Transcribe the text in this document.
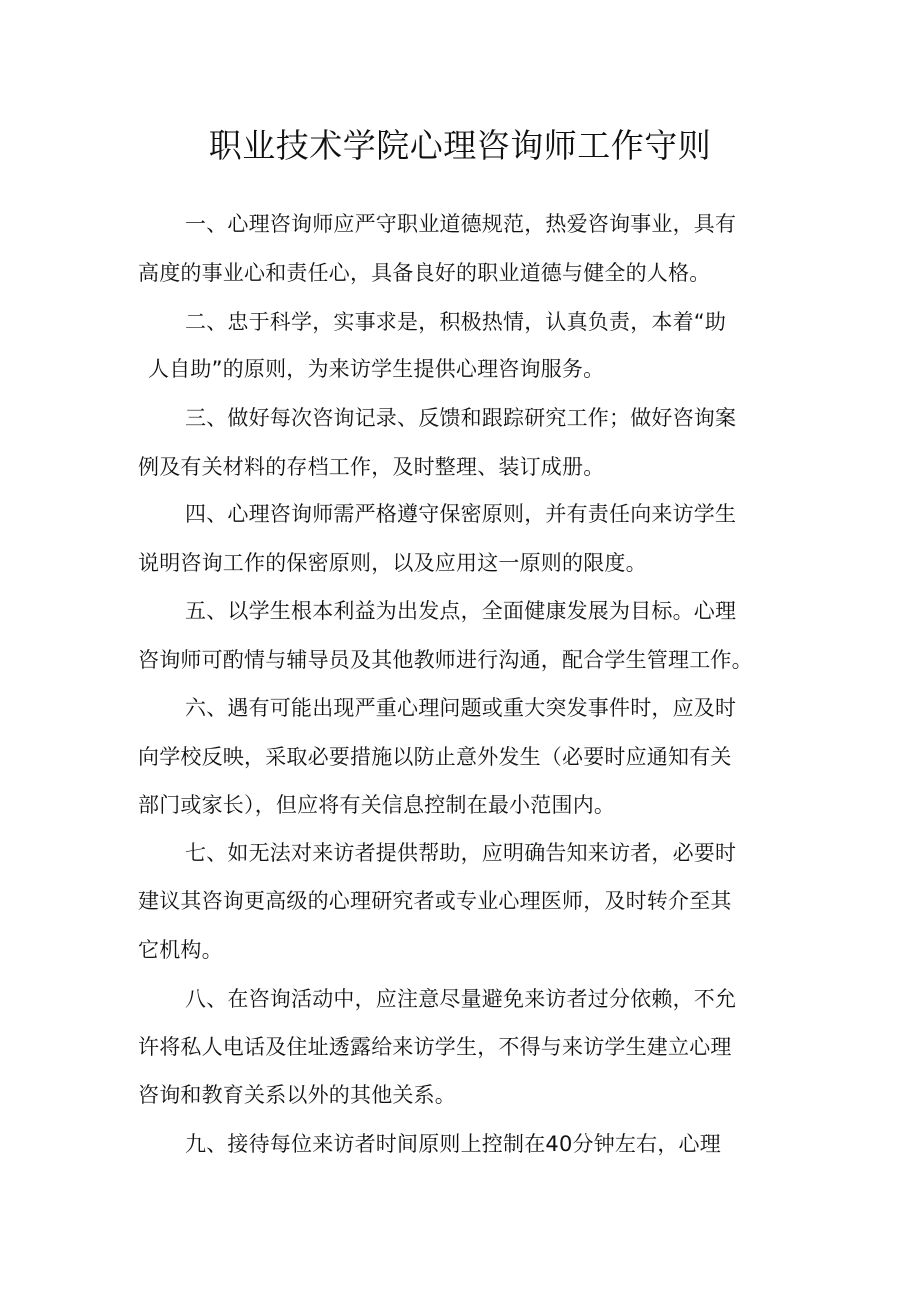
职业技术学院心理咨询师工作守则

一、心理咨询师应严守职业道德规范，热爱咨询事业，具有

高度的事业心和责任心，具备良好的职业道德与健全的人格。

二、忠于科学，实事求是，积极热情，认真负责，本着“助

人自助”的原则，为来访学生提供心理咨询服务。

三、做好每次咨询记录、反馈和跟踪研究工作；做好咨询案

例及有关材料的存档工作，及时整理、装订成册。

四、心理咨询师需严格遵守保密原则，并有责任向来访学生

说明咨询工作的保密原则，以及应用这一原则的限度。

五、以学生根本利益为出发点，全面健康发展为目标。心理

咨询师可酌情与辅导员及其他教师进行沟通，配合学生管理工作。

六、遇有可能出现严重心理问题或重大突发事件时，应及时

向学校反映，采取必要措施以防止意外发生（必要时应通知有关

部门或家长），但应将有关信息控制在最小范围内。

七、如无法对来访者提供帮助，应明确告知来访者，必要时

建议其咨询更高级的心理研究者或专业心理医师，及时转介至其

它机构。

八、在咨询活动中，应注意尽量避免来访者过分依赖，不允

许将私人电话及住址透露给来访学生，不得与来访学生建立心理

咨询和教育关系以外的其他关系。

九、接待每位来访者时间原则上控制在40分钟左右，心理
